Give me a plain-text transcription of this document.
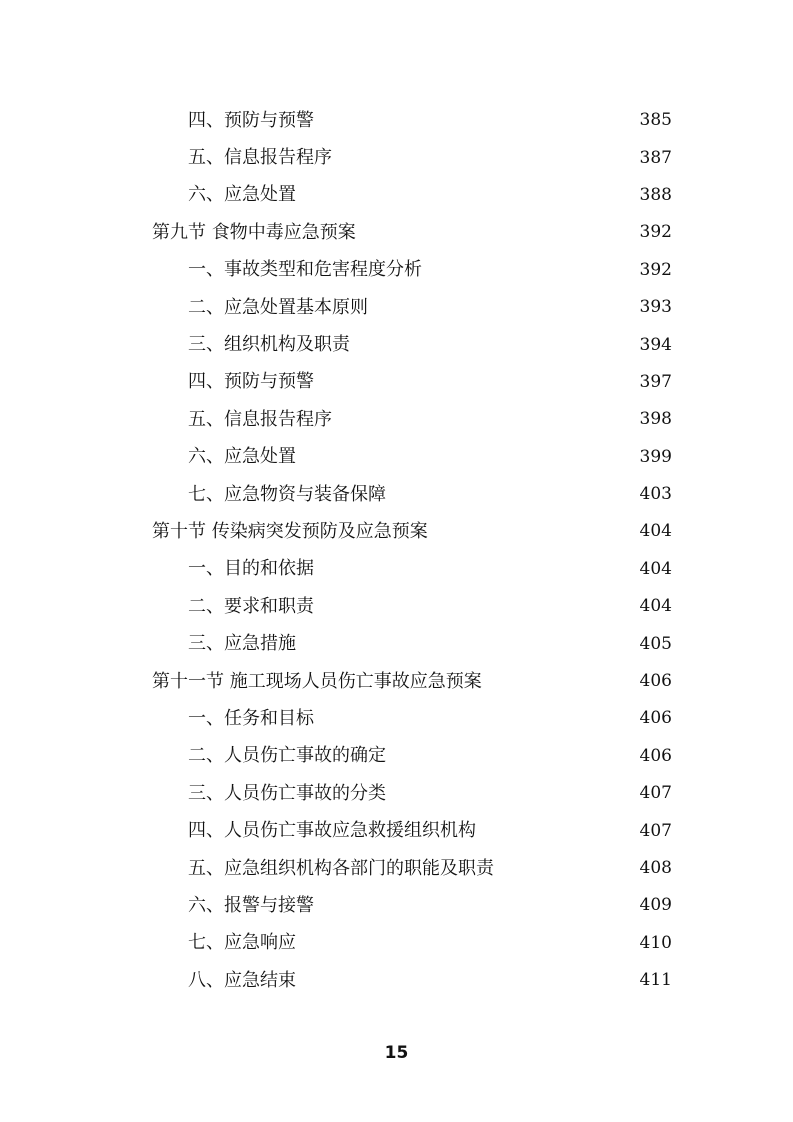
四、预防与预警	385
五、信息报告程序	387
六、应急处置	388
第九节 食物中毒应急预案	392
一、事故类型和危害程度分析	392
二、应急处置基本原则	393
三、组织机构及职责	394
四、预防与预警	397
五、信息报告程序	398
六、应急处置	399
七、应急物资与装备保障	403
第十节 传染病突发预防及应急预案	404
一、目的和依据	404
二、要求和职责	404
三、应急措施	405
第十一节 施工现场人员伤亡事故应急预案	406
一、任务和目标	406
二、人员伤亡事故的确定	406
三、人员伤亡事故的分类	407
四、人员伤亡事故应急救援组织机构	407
五、应急组织机构各部门的职能及职责	408
六、报警与接警	409
七、应急响应	410
八、应急结束	411
15
